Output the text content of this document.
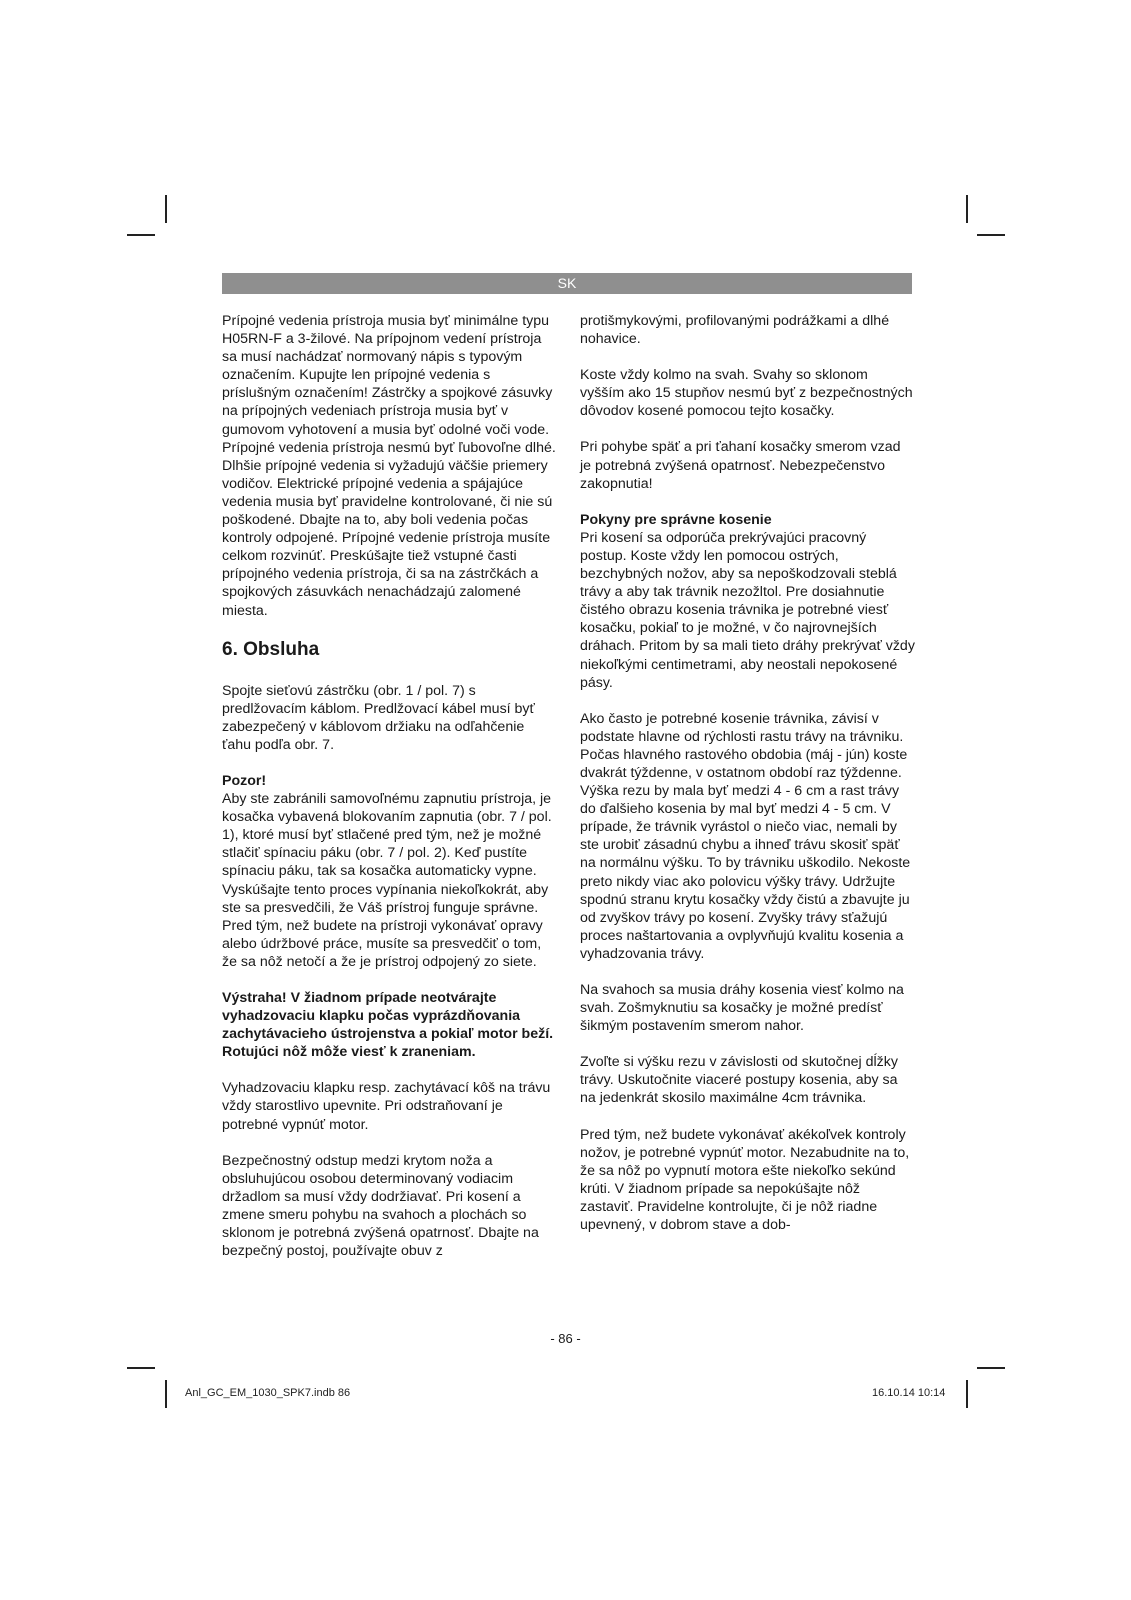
SK

Prípojné vedenia prístroja musia byť minimálne typu H05RN-F a 3-žilové. Na prípojnom vedení prístroja sa musí nachádzať normovaný nápis s typovým označením. Kupujte len prípojné vedenia s príslušným označením! Zástrčky a spojkové zásuvky na prípojných vedeniach prístroja musia byť v gumovom vyhotovení a musia byť odolné voči vode. Prípojné vedenia prístroja nesmú byť ľubovoľne dlhé. Dlhšie prípojné vedenia si vyžadujú väčšie priemery vodičov. Elektrické prípojné vedenia a spájajúce vedenia musia byť pravidelne kontrolované, či nie sú poškodené. Dbajte na to, aby boli vedenia počas kontroly odpojené. Prípojné vedenie prístroja musíte celkom rozvinúť. Preskúšajte tiež vstupné časti prípojného vedenia prístroja, či sa na zástrčkách a spojkových zásuvkách nenachádzajú zalomené miesta.

6. Obsluha

Spojte sieťovú zástrčku (obr. 1 / pol. 7) s predlžovacím káblom. Predlžovací kábel musí byť zabezpečený v káblovom držiaku na odľahčenie ťahu podľa obr. 7.

Pozor!
Aby ste zabránili samovoľnému zapnutiu prístroja, je kosačka vybavená blokovaním zapnutia (obr. 7 / pol. 1), ktoré musí byť stlačené pred tým, než je možné stlačiť spínaciu páku (obr. 7 / pol. 2). Keď pustíte spínaciu páku, tak sa kosačka automaticky vypne. Vyskúšajte tento proces vypínania niekoľkokrát, aby ste sa presvedčili, že Váš prístroj funguje správne. Pred tým, než budete na prístroji vykonávať opravy alebo údržbové práce, musíte sa presvedčiť o tom, že sa nôž netočí a že je prístroj odpojený zo siete.

Výstraha! V žiadnom prípade neotvárajte vyhadzovaciu klapku počas vyprázdňovania zachytávacieho ústrojenstva a pokiaľ motor beží. Rotujúci nôž môže viesť k zraneniam.

Vyhadzovaciu klapku resp. zachytávací kôš na trávu vždy starostlivo upevnite. Pri odstraňovaní je potrebné vypnúť motor.

Bezpečnostný odstup medzi krytom noža a obsluhujúcou osobou determinovaný vodiacim držadlom sa musí vždy dodržiavať. Pri kosení a zmene smeru pohybu na svahoch a plochách so sklonom je potrebná zvýšená opatrnosť. Dbajte na bezpečný postoj, používajte obuv z

protišmykovými, profilovanými podrážkami a dlhé nohavice.

Koste vždy kolmo na svah. Svahy so sklonom vyšším ako 15 stupňov nesmú byť z bezpečnostných dôvodov kosené pomocou tejto kosačky.

Pri pohybe späť a pri ťahaní kosačky smerom vzad je potrebná zvýšená opatrnosť. Nebezpečenstvo zakopnutia!

Pokyny pre správne kosenie
Pri kosení sa odporúča prekrývajúci pracovný postup. Koste vždy len pomocou ostrých, bezchybných nožov, aby sa nepoškodzovali steblá trávy a aby tak trávnik nezožltol. Pre dosiahnutie čistého obrazu kosenia trávnika je potrebné viesť kosačku, pokiaľ to je možné, v čo najrovnejších dráhach. Pritom by sa mali tieto dráhy prekrývať vždy niekoľkými centimetrami, aby neostali nepokosené pásy.

Ako často je potrebné kosenie trávnika, závisí v podstate hlavne od rýchlosti rastu trávy na trávniku. Počas hlavného rastového obdobia (máj - jún) koste dvakrát týždenne, v ostatnom období raz týždenne. Výška rezu by mala byť medzi 4 - 6 cm a rast trávy do ďalšieho kosenia by mal byť medzi 4 - 5 cm. V prípade, že trávnik vyrástol o niečo viac, nemali by ste urobiť zásadnú chybu a ihneď trávu skosiť späť na normálnu výšku. To by trávniku uškodilo. Nekoste preto nikdy viac ako polovicu výšky trávy. Udržujte spodnú stranu krytu kosačky vždy čistú a zbavujte ju od zvyškov trávy po kosení. Zvyšky trávy sťažujú proces naštartovania a ovplyvňujú kvalitu kosenia a vyhadzovania trávy.

Na svahoch sa musia dráhy kosenia viesť kolmo na svah. Zošmyknutiu sa kosačky je možné predísť šikmým postavením smerom nahor.

Zvoľte si výšku rezu v závislosti od skutočnej dĺžky trávy. Uskutočnite viaceré postupy kosenia, aby sa na jedenkrát skosilo maximálne 4cm trávnika.

Pred tým, než budete vykonávať akékoľvek kontroly nožov, je potrebné vypnúť motor. Nezabudnite na to, že sa nôž po vypnutí motora ešte niekoľko sekúnd krúti. V žiadnom prípade sa nepokúšajte nôž zastaviť. Pravidelne kontrolujte, či je nôž riadne upevnený, v dobrom stave a dob-

- 86 -
Anl_GC_EM_1030_SPK7.indb 86	16.10.14 10:14
